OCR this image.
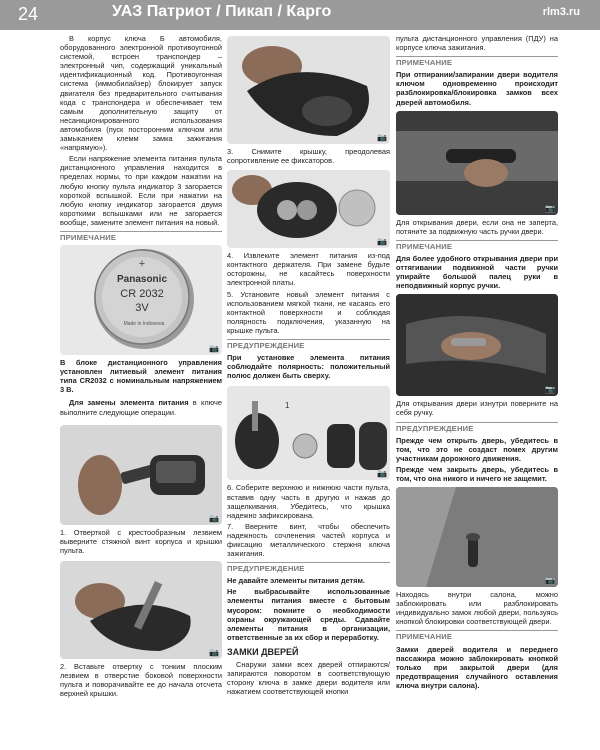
24	УАЗ Патриот / Пикап / Карго	rlm3.ru

В корпус ключа Б автомобиля, оборудованного электронной противоугонной системой, встроен транспондер – электронный чип, содержащий уникальный идентификационный код. Противоугонная система (иммобилайзер) блокирует запуск двигателя без предварительного считывания кода с транспондера и обеспечивает тем самым дополнительную защиту от несанкционированного использования автомобиля (пуск посторонним ключом или замыканием клемм замка зажигания «напрямую»).

Если напряжение элемента питания пульта дистанционного управления находится в пределах нормы, то при каждом нажатии на любую кнопку пульта индикатор 3 загорается короткой вспышкой. Если при нажатии на любую кнопку индикатор загорается двумя короткими вспышками или не загорается вообще, замените элемент питания на новый.

ПРИМЕЧАНИЕ
+
Panasonic
CR 2032
3V
Made in Indonesia
📷

В блоке дистанционного управления установлен литиевый элемент питания типа CR2032 с номинальным напряжением 3 В.

Для замены элемента питания в ключе выполните следующие операции.

📷

1. Отверткой с крестообразным лезвием выверните стяжной винт корпуса и крышки пульта.

📷

2. Вставьте отвертку с тонким плоским лезвием в отверстие боковой поверхности пульта и поворачивайте ее до начала отсчета верхней крышки.

📷

3. Снимите крышку, преодолевая сопротивление ее фиксаторов.

📷

4. Извлеките элемент питания из-под контактного держателя. При замене будьте осторожны, не касайтесь поверхности электронной платы.

5. Установите новый элемент питания с использованием мягкой ткани, не касаясь его контактной поверхности и соблюдая полярность подключения, указанную на крышке пульта.

ПРЕДУПРЕЖДЕНИЕ

При установке элемента питания соблюдайте полярность: положительный полюс должен быть сверху.

1
📷

6. Соберите верхнюю и нижнюю части пульта, вставив одну часть в другую и нажав до защелкивания. Убедитесь, что крышка надежно зафиксирована.

7. Вверните винт, чтобы обеспечить надежность сочленения частей корпуса и фиксацию металлического стержня ключа зажигания.

ПРЕДУПРЕЖДЕНИЕ

Не давайте элементы питания детям.

Не выбрасывайте использованные элементы питания вместе с бытовым мусором: помните о необходимости охраны окружающей среды. Сдавайте элементы питания в организации, ответственные за их сбор и переработку.

ЗАМКИ ДВЕРЕЙ

Снаружи замки всех дверей отпираются/запираются поворотом в соответствующую сторону ключа в замке двери водителя или нажатием соответствующей кнопки

пульта дистанционного управления (ПДУ) на корпусе ключа зажигания.

ПРИМЕЧАНИЕ

При отпирании/запирании двери водителя ключом одновременно происходит разблокировка/блокировка замков всех дверей автомобиля.

📷

Для открывания двери, если она не заперта, потяните за подвижную часть ручки двери.

ПРИМЕЧАНИЕ

Для более удобного открывания двери при оттягивании подвижной части ручки упирайте большой палец руки в неподвижный корпус ручки.

📷

Для открывания двери изнутри поверните на себя ручку.

ПРЕДУПРЕЖДЕНИЕ

Прежде чем открыть дверь, убедитесь в том, что это не создаст помех другим участникам дорожного движения.

Прежде чем закрыть дверь, убедитесь в том, что она никого и ничего не защемит.

📷

Находясь внутри салона, можно заблокировать или разблокировать индивидуально замок любой двери, пользуясь кнопкой блокировки соответствующей двери.

ПРИМЕЧАНИЕ

Замки дверей водителя и переднего пассажира можно заблокировать кнопкой только при закрытой двери (для предотвращения случайного оставления ключа внутри салона).
